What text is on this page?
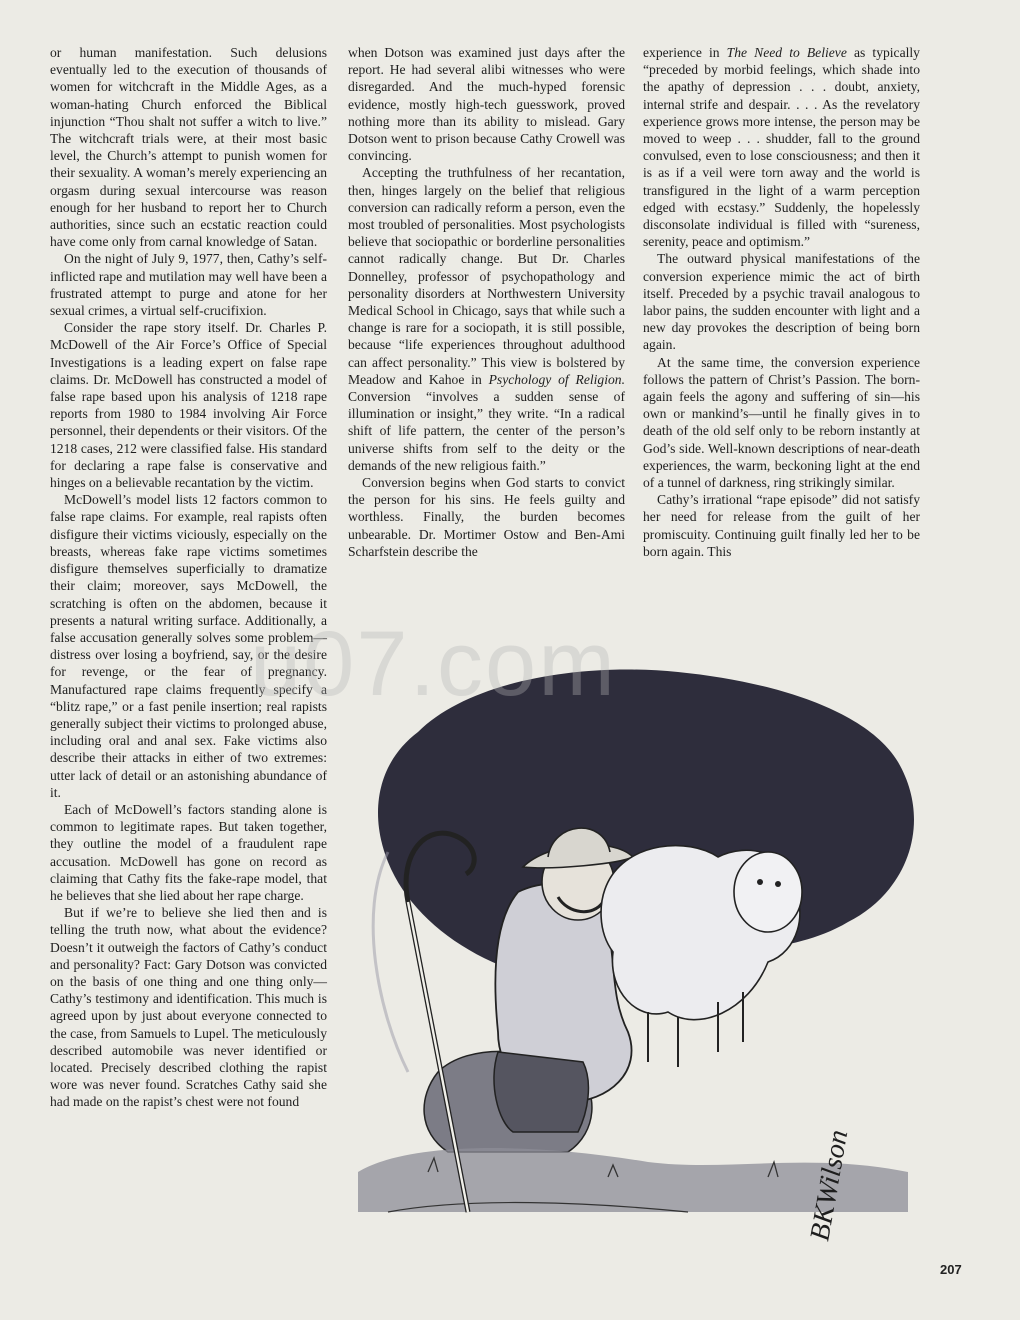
or human manifestation. Such delusions eventually led to the execution of thousands of women for witchcraft in the Middle Ages, as a woman-hating Church enforced the Biblical injunction “Thou shalt not suffer a witch to live.” The witchcraft trials were, at their most basic level, the Church’s attempt to punish women for their sexuality. A woman’s merely experiencing an orgasm during sexual intercourse was reason enough for her husband to report her to Church authorities, since such an ecstatic reaction could have come only from carnal knowledge of Satan.

On the night of July 9, 1977, then, Cathy’s self-inflicted rape and mutilation may well have been a frustrated attempt to purge and atone for her sexual crimes, a virtual self-crucifixion.

Consider the rape story itself. Dr. Charles P. McDowell of the Air Force’s Office of Special Investigations is a leading expert on false rape claims. Dr. McDowell has constructed a model of false rape based upon his analysis of 1218 rape reports from 1980 to 1984 involving Air Force personnel, their dependents or their visitors. Of the 1218 cases, 212 were classified false. His standard for declaring a rape false is conservative and hinges on a believable recantation by the victim.

McDowell’s model lists 12 factors common to false rape claims. For example, real rapists often disfigure their victims viciously, especially on the breasts, whereas fake rape victims sometimes disfigure themselves superficially to dramatize their claim; moreover, says McDowell, the scratching is often on the abdomen, because it presents a natural writing surface. Additionally, a false accusation generally solves some problem—distress over losing a boyfriend, say, or the desire for revenge, or the fear of pregnancy. Manufactured rape claims frequently specify a “blitz rape,” or a fast penile insertion; real rapists generally subject their victims to prolonged abuse, including oral and anal sex. Fake victims also describe their attacks in either of two extremes: utter lack of detail or an astonishing abundance of it.

Each of McDowell’s factors standing alone is common to legitimate rapes. But taken together, they outline the model of a fraudulent rape accusation. McDowell has gone on record as claiming that Cathy fits the fake-rape model, that he believes that she lied about her rape charge.

But if we’re to believe she lied then and is telling the truth now, what about the evidence? Doesn’t it outweigh the factors of Cathy’s conduct and personality? Fact: Gary Dotson was convicted on the basis of one thing and one thing only—Cathy’s testimony and identification. This much is agreed upon by just about everyone connected to the case, from Samuels to Lupel. The meticulously described automobile was never identified or located. Precisely described clothing the rapist wore was never found. Scratches Cathy said she had made on the rapist’s chest were not found

when Dotson was examined just days after the report. He had several alibi witnesses who were disregarded. And the much-hyped forensic evidence, mostly high-tech guesswork, proved nothing more than its ability to mislead. Gary Dotson went to prison because Cathy Crowell was convincing.

Accepting the truthfulness of her recantation, then, hinges largely on the belief that religious conversion can radically reform a person, even the most troubled of personalities. Most psychologists believe that sociopathic or borderline personalities cannot radically change. But Dr. Charles Donnelley, professor of psychopathology and personality disorders at Northwestern University Medical School in Chicago, says that while such a change is rare for a sociopath, it is still possible, because “life experiences throughout adulthood can affect personality.” This view is bolstered by Meadow and Kahoe in Psychology of Religion. Conversion “involves a sudden sense of illumination or insight,” they write. “In a radical shift of life pattern, the center of the person’s universe shifts from self to the deity or the demands of the new religious faith.”

Conversion begins when God starts to convict the person for his sins. He feels guilty and worthless. Finally, the burden becomes unbearable. Dr. Mortimer Ostow and Ben-Ami Scharfstein describe the

experience in The Need to Believe as typically “preceded by morbid feelings, which shade into the apathy of depression . . . doubt, anxiety, internal strife and despair. . . . As the revelatory experience grows more intense, the person may be moved to weep . . . shudder, fall to the ground convulsed, even to lose consciousness; and then it is as if a veil were torn away and the world is transfigured in the light of a warm perception edged with ecstasy.” Suddenly, the hopelessly disconsolate individual is filled with “sureness, serenity, peace and optimism.”

The outward physical manifestations of the conversion experience mimic the act of birth itself. Preceded by a psychic travail analogous to labor pains, the sudden encounter with light and a new day provokes the description of being born again.

At the same time, the conversion experience follows the pattern of Christ’s Passion. The born-again feels the agony and suffering of sin—his own or mankind’s—until he finally gives in to death of the old self only to be reborn instantly at God’s side. Well-known descriptions of near-death experiences, the warm, beckoning light at the end of a tunnel of darkness, ring strikingly similar.

Cathy’s irrational “rape episode” did not satisfy her need for release from the guilt of her promiscuity. Continuing guilt finally led her to be born again. This

BKWilson
u07.com
207
